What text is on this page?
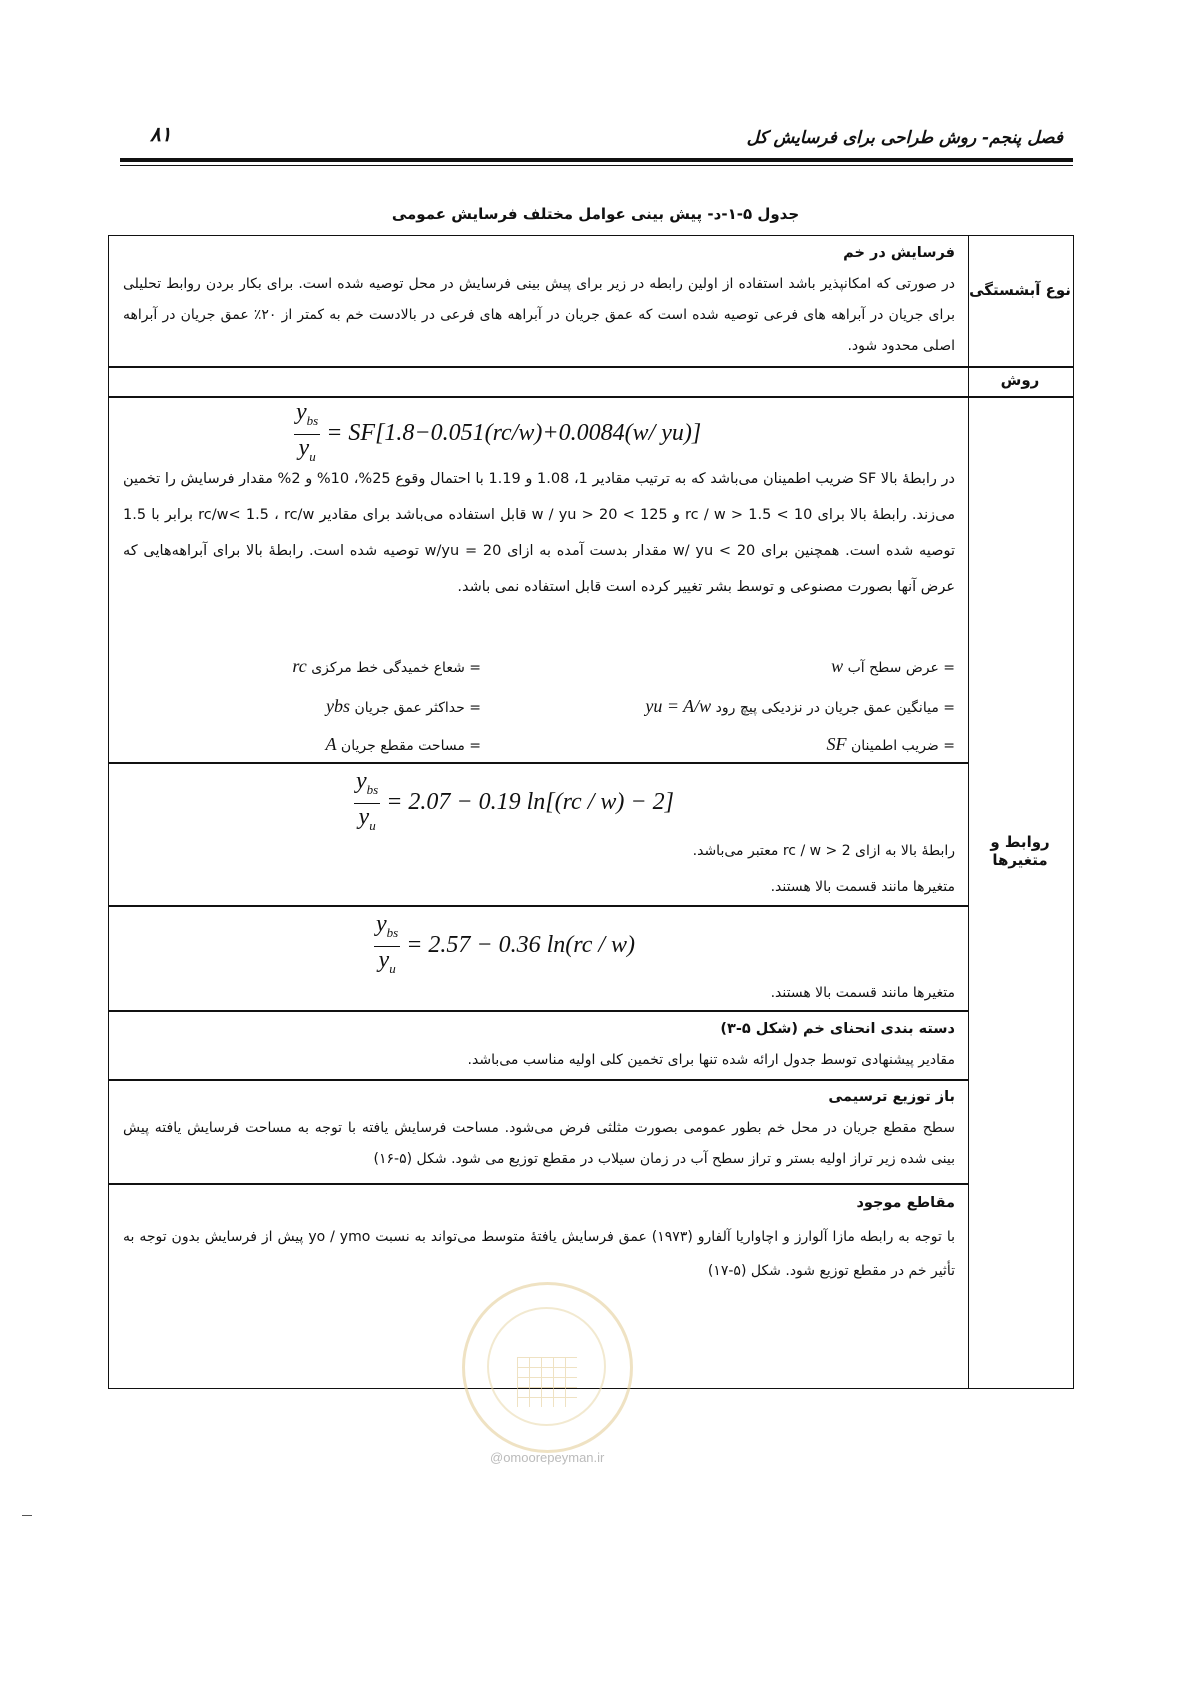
فصل پنجم- روش طراحی برای فرسایش کل
۸۱
جدول ۵-۱-د- پیش بینی عوامل مختلف فرسایش عمومی
نوع آبشستگی
روش
روابط و متغیرها
فرسایش در خم
در صورتی که امکانپذیر باشد استفاده از اولین رابطه در زیر برای پیش بینی فرسایش در محل توصیه شده است. برای بکار بردن روابط تحلیلی برای جریان در آبراهه های فرعی توصیه شده است که عمق جریان در آبراهه های فرعی در بالادست خم به کمتر از ۲۰٪ عمق جریان در آبراهه اصلی محدود شود.
$\frac{y_{bs}}{y_u} = SF[1.8-0.051(rc/w)+0.0084(w/$ yu)]
در رابطهٔ بالا SF ضریب اطمینان می‌باشد که به ترتیب مقادیر 1، 1.08 و 1.19 با احتمال وقوع 25%، 10% و 2% مقدار فرسایش را تخمین می‌زند. رابطهٔ بالا برای 10 > rc / w > 1.5 و 125 > w / yu > 20 قابل استفاده می‌باشد برای مقادیر rc/w< 1.5 ، rc/w برابر با 1.5 توصیه شده است. همچنین برای 20 > w/ yu مقدار بدست آمده به ازای w/yu = 20 توصیه شده است. رابطهٔ بالا برای آبراهه‌هایی که عرض آنها بصورت مصنوعی و توسط بشر تغییر کرده است قابل استفاده نمی باشد.
= عرض سطح آب w
= شعاع خمیدگی خط مرکزی rc
= میانگین عمق جریان در نزدیکی پیچ رود yu = A/w
= حداکثر عمق جریان ybs
= ضریب اطمینان SF
= مساحت مقطع جریان A
$\frac{y_{bs}}{y_u} = 2.07 - 0.19$ ln[(rc / w) − 2]
رابطهٔ بالا به ازای rc / w > 2 معتبر می‌باشد.
متغیرها مانند قسمت بالا هستند.
$\frac{y_{bs}}{y_u} = 2.57 - 0.36$ ln(rc / w)
متغیرها مانند قسمت بالا هستند.
دسته بندی انحنای خم (شکل ۵-۳)
مقادیر پیشنهادی توسط جدول ارائه شده تنها برای تخمین کلی اولیه مناسب می‌باشد.
باز توزیع ترسیمی
سطح مقطع جریان در محل خم بطور عمومی بصورت مثلثی فرض می‌شود. مساحت فرسایش یافته با توجه به مساحت فرسایش یافته پیش بینی شده زیر تراز اولیه بستر و تراز سطح آب در زمان سیلاب در مقطع توزیع می شود. شکل (۵-۱۶)
مقاطع موجود
با توجه به رابطه مازا آلوارز و اچاواریا آلفارو (۱۹۷۳) عمق فرسایش یافتهٔ متوسط می‌تواند به نسبت yo / ymo پیش از فرسایش بدون توجه به تأثیر خم در مقطع توزیع شود. شکل (۵-۱۷)
@omoorepeyman.ir
